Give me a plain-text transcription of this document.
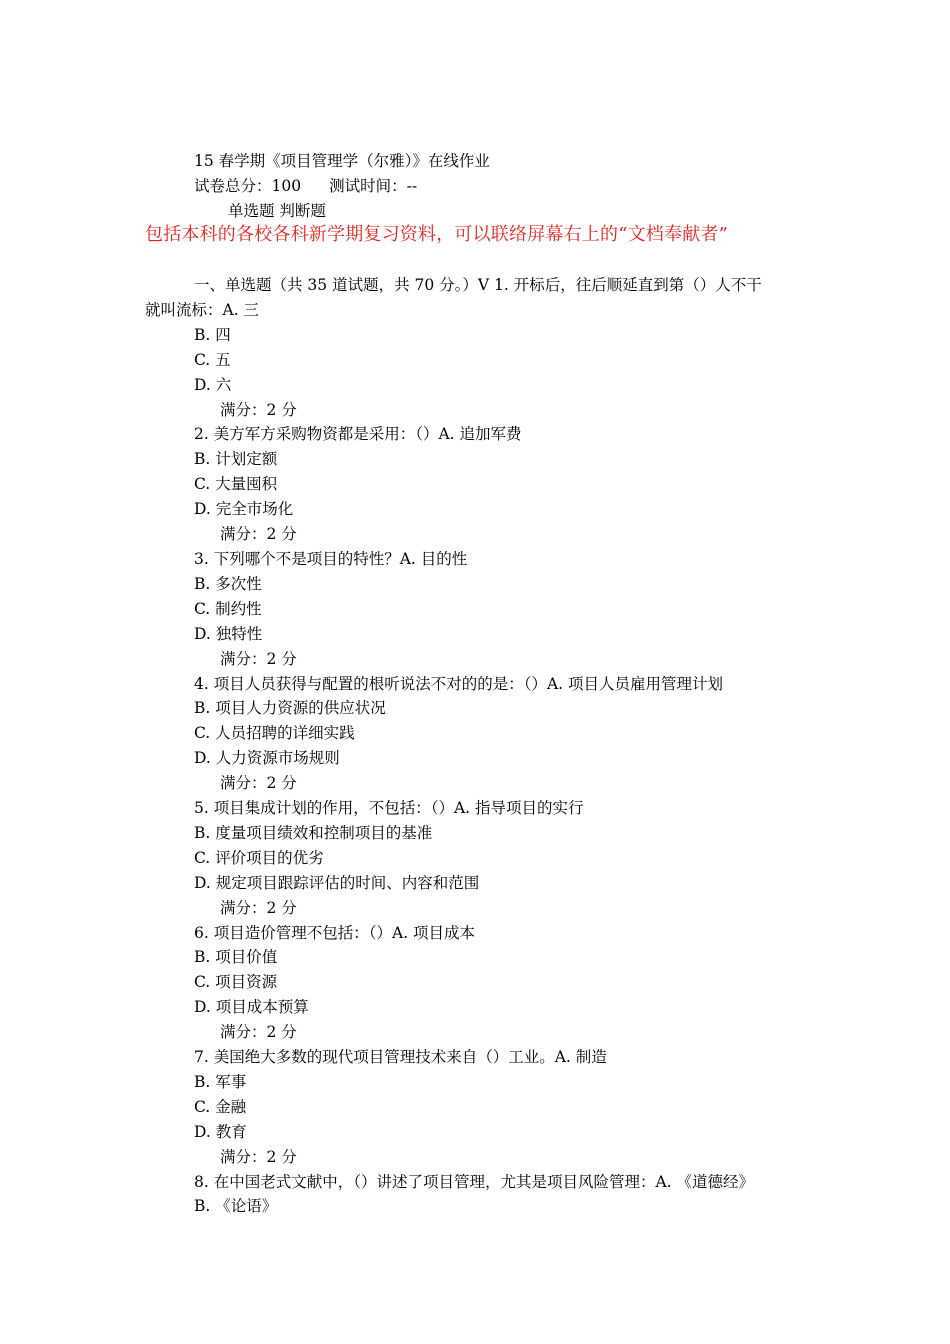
15 春学期《项目管理学（尔雅）》在线作业
试卷总分：100 测试时间：--
单选题 判断题
包括本科的各校各科新学期复习资料，可以联络屏幕右上的“文档奉献者”
一、单选题（共 35 道试题，共 70 分。）V 1. 开标后，往后顺延直到第（）人不干
就叫流标：A. 三
B. 四
C. 五
D. 六
满分：2 分
2. 美方军方采购物资都是采用：（）A. 追加军费
B. 计划定额
C. 大量囤积
D. 完全市场化
满分：2 分
3. 下列哪个不是项目的特性？A. 目的性
B. 多次性
C. 制约性
D. 独特性
满分：2 分
4. 项目人员获得与配置的根听说法不对的的是：（）A. 项目人员雇用管理计划
B. 项目人力资源的供应状况
C. 人员招聘的详细实践
D. 人力资源市场规则
满分：2 分
5. 项目集成计划的作用，不包括：（）A. 指导项目的实行
B. 度量项目绩效和控制项目的基准
C. 评价项目的优劣
D. 规定项目跟踪评估的时间、内容和范围
满分：2 分
6. 项目造价管理不包括：（）A. 项目成本
B. 项目价值
C. 项目资源
D. 项目成本预算
满分：2 分
7. 美国绝大多数的现代项目管理技术来自（）工业。A. 制造
B. 军事
C. 金融
D. 教育
满分：2 分
8. 在中国老式文献中，（）讲述了项目管理，尤其是项目风险管理：A. 《道德经》
B. 《论语》
